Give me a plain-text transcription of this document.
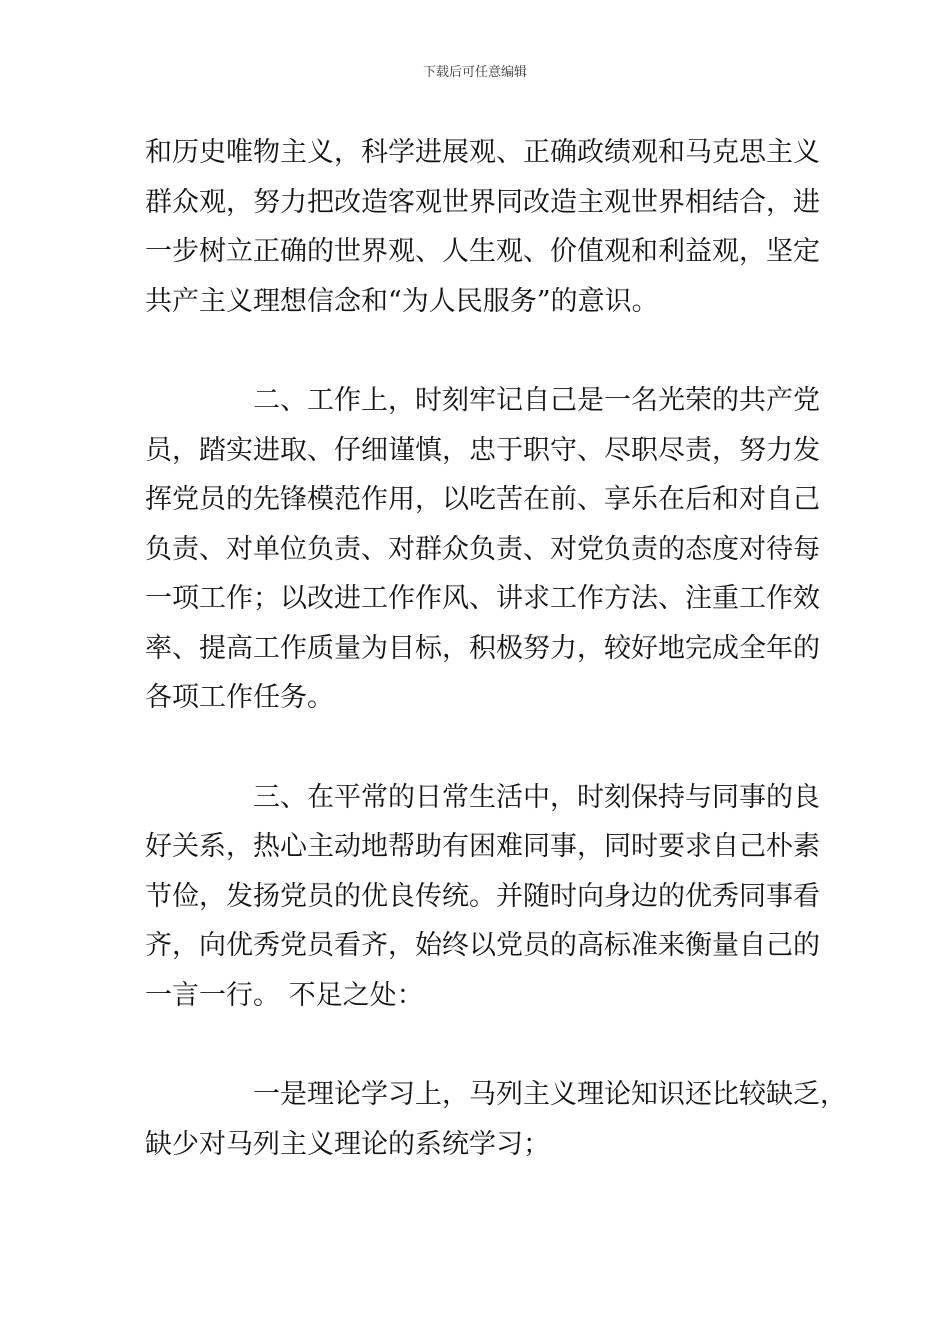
下载后可任意编辑

和历史唯物主义，科学进展观、正确政绩观和马克思主义
群众观，努力把改造客观世界同改造主观世界相结合，进
一步树立正确的世界观、人生观、价值观和利益观，坚定
共产主义理想信念和“为人民服务”的意识。

二、工作上，时刻牢记自己是一名光荣的共产党
员，踏实进取、仔细谨慎，忠于职守、尽职尽责，努力发
挥党员的先锋模范作用，以吃苦在前、享乐在后和对自己
负责、对单位负责、对群众负责、对党负责的态度对待每
一项工作；以改进工作作风、讲求工作方法、注重工作效
率、提高工作质量为目标，积极努力，较好地完成全年的
各项工作任务。

三、在平常的日常生活中，时刻保持与同事的良
好关系，热心主动地帮助有困难同事，同时要求自己朴素
节俭，发扬党员的优良传统。并随时向身边的优秀同事看
齐，向优秀党员看齐，始终以党员的高标准来衡量自己的
一言一行。 不足之处：

一是理论学习上，马列主义理论知识还比较缺乏，
缺少对马列主义理论的系统学习；
